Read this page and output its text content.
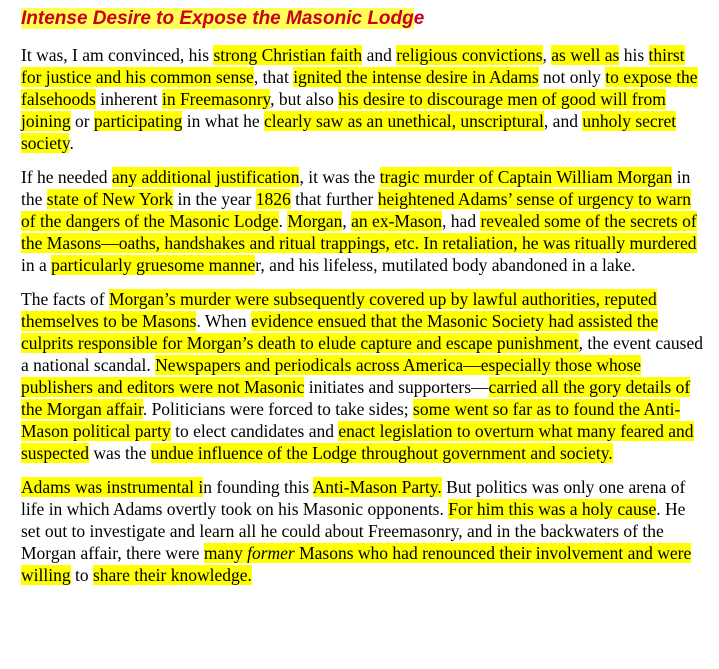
Intense Desire to Expose the Masonic Lodge

It was, I am convinced, his strong Christian faith and religious convictions, as well as his thirst for justice and his common sense, that ignited the intense desire in Adams not only to expose the falsehoods inherent in Freemasonry, but also his desire to discourage men of good will from joining or participating in what he clearly saw as an unethical, unscriptural, and unholy secret society.

If he needed any additional justification, it was the tragic murder of Captain William Morgan in the state of New York in the year 1826 that further heightened Adams’ sense of urgency to warn of the dangers of the Masonic Lodge. Morgan, an ex-Mason, had revealed some of the secrets of the Masons—oaths, handshakes and ritual trappings, etc. In retaliation, he was ritually murdered in a particularly gruesome manner, and his lifeless, mutilated body abandoned in a lake.

The facts of Morgan’s murder were subsequently covered up by lawful authorities, reputed themselves to be Masons. When evidence ensued that the Masonic Society had assisted the culprits responsible for Morgan’s death to elude capture and escape punishment, the event caused a national scandal. Newspapers and periodicals across America—especially those whose publishers and editors were not Masonic initiates and supporters—carried all the gory details of the Morgan affair. Politicians were forced to take sides; some went so far as to found the Anti-Mason political party to elect candidates and enact legislation to overturn what many feared and suspected was the undue influence of the Lodge throughout government and society.

Adams was instrumental in founding this Anti-Mason Party. But politics was only one arena of life in which Adams overtly took on his Masonic opponents. For him this was a holy cause. He set out to investigate and learn all he could about Freemasonry, and in the backwaters of the Morgan affair, there were many former Masons who had renounced their involvement and were willing to share their knowledge.
